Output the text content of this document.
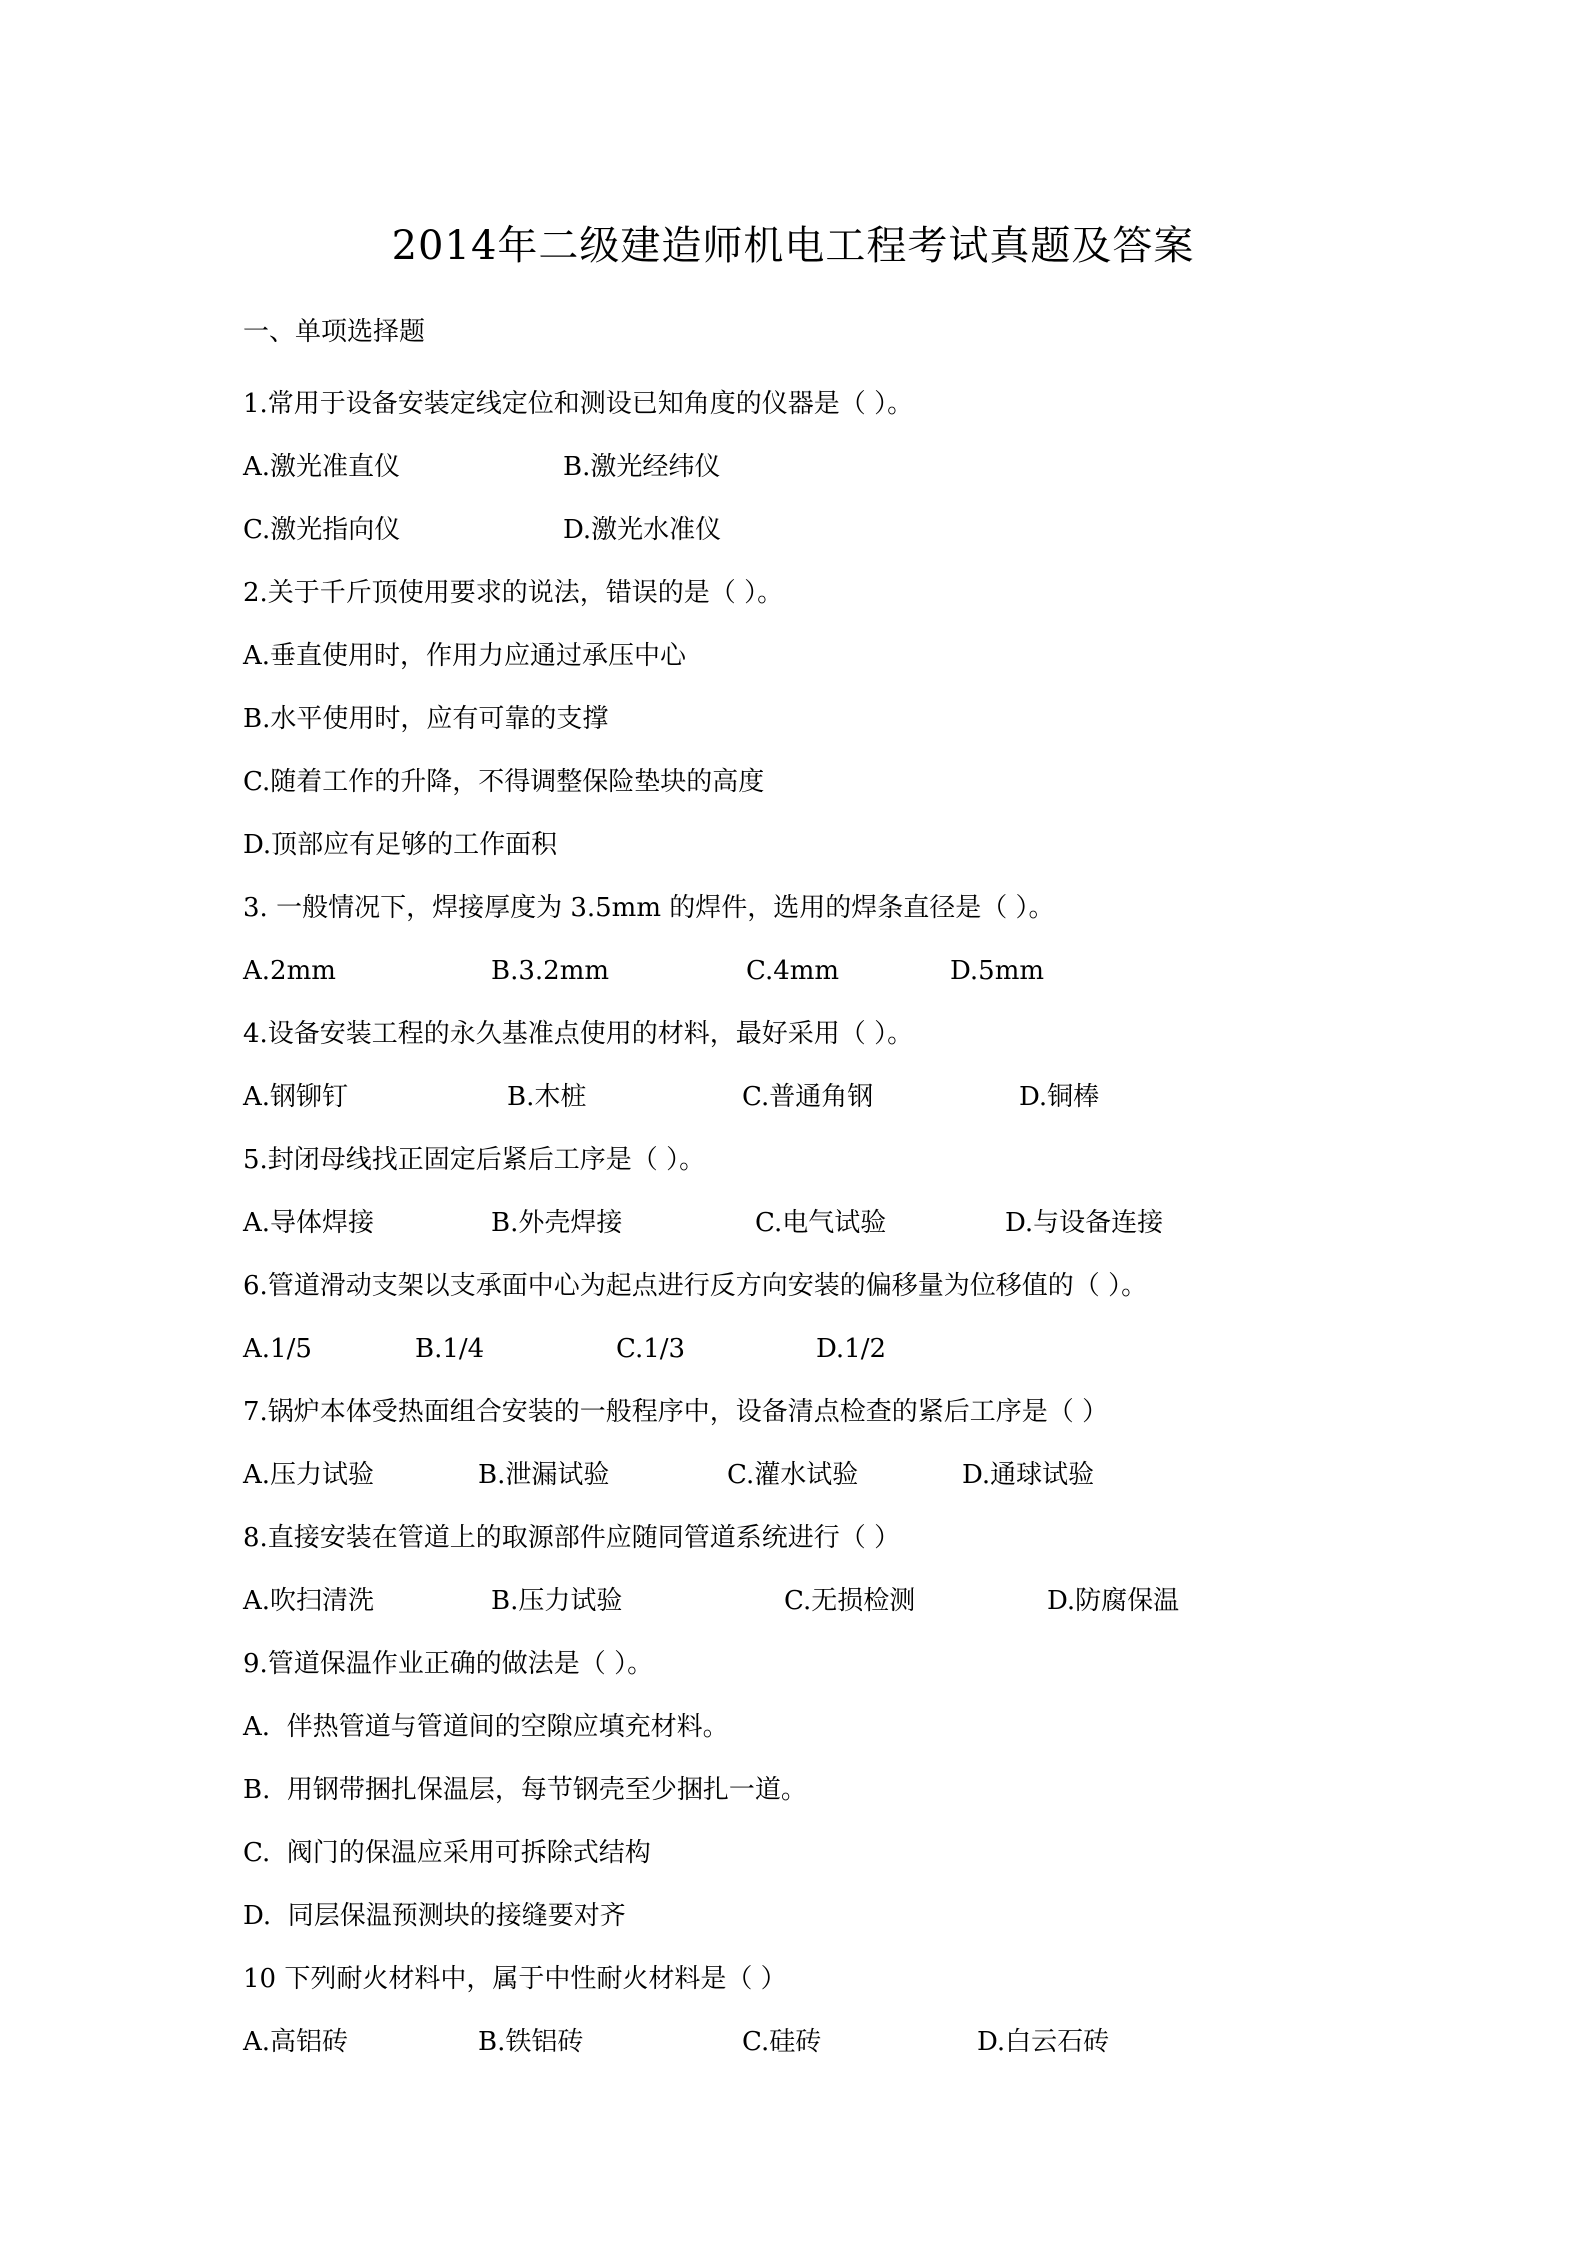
2014年二级建造师机电工程考试真题及答案
一、单项选择题
1.常用于设备安装定线定位和测设已知角度的仪器是（ ）。
A.激光准直仪	B.激光经纬仪
C.激光指向仪	D.激光水准仪
2.关于千斤顶使用要求的说法，错误的是（ ）。
A.垂直使用时，作用力应通过承压中心
B.水平使用时，应有可靠的支撑
C.随着工作的升降，不得调整保险垫块的高度
D.顶部应有足够的工作面积
3. 一般情况下，焊接厚度为 3.5mm 的焊件，选用的焊条直径是（ ）。
A.2mm	B.3.2mm	C.4mm	D.5mm
4.设备安装工程的永久基准点使用的材料，最好采用（ ）。
A.钢铆钉	B.木桩	C.普通角钢	D.铜棒
5.封闭母线找正固定后紧后工序是（ ）。
A.导体焊接	B.外壳焊接	C.电气试验	D.与设备连接
6.管道滑动支架以支承面中心为起点进行反方向安装的偏移量为位移值的（ ）。
A.1/5	B.1/4	C.1/3	D.1/2
7.锅炉本体受热面组合安装的一般程序中，设备清点检查的紧后工序是（ ）
A.压力试验	B.泄漏试验	C.灌水试验	D.通球试验
8.直接安装在管道上的取源部件应随同管道系统进行（ ）
A.吹扫清洗	B.压力试验	C.无损检测	D.防腐保温
9.管道保温作业正确的做法是（ ）。
A.  伴热管道与管道间的空隙应填充材料。
B.  用钢带捆扎保温层，每节钢壳至少捆扎一道。
C.  阀门的保温应采用可拆除式结构
D.  同层保温预测块的接缝要对齐
10 下列耐火材料中，属于中性耐火材料是（ ）
A.高铝砖	B.铁铝砖	C.硅砖	D.白云石砖
